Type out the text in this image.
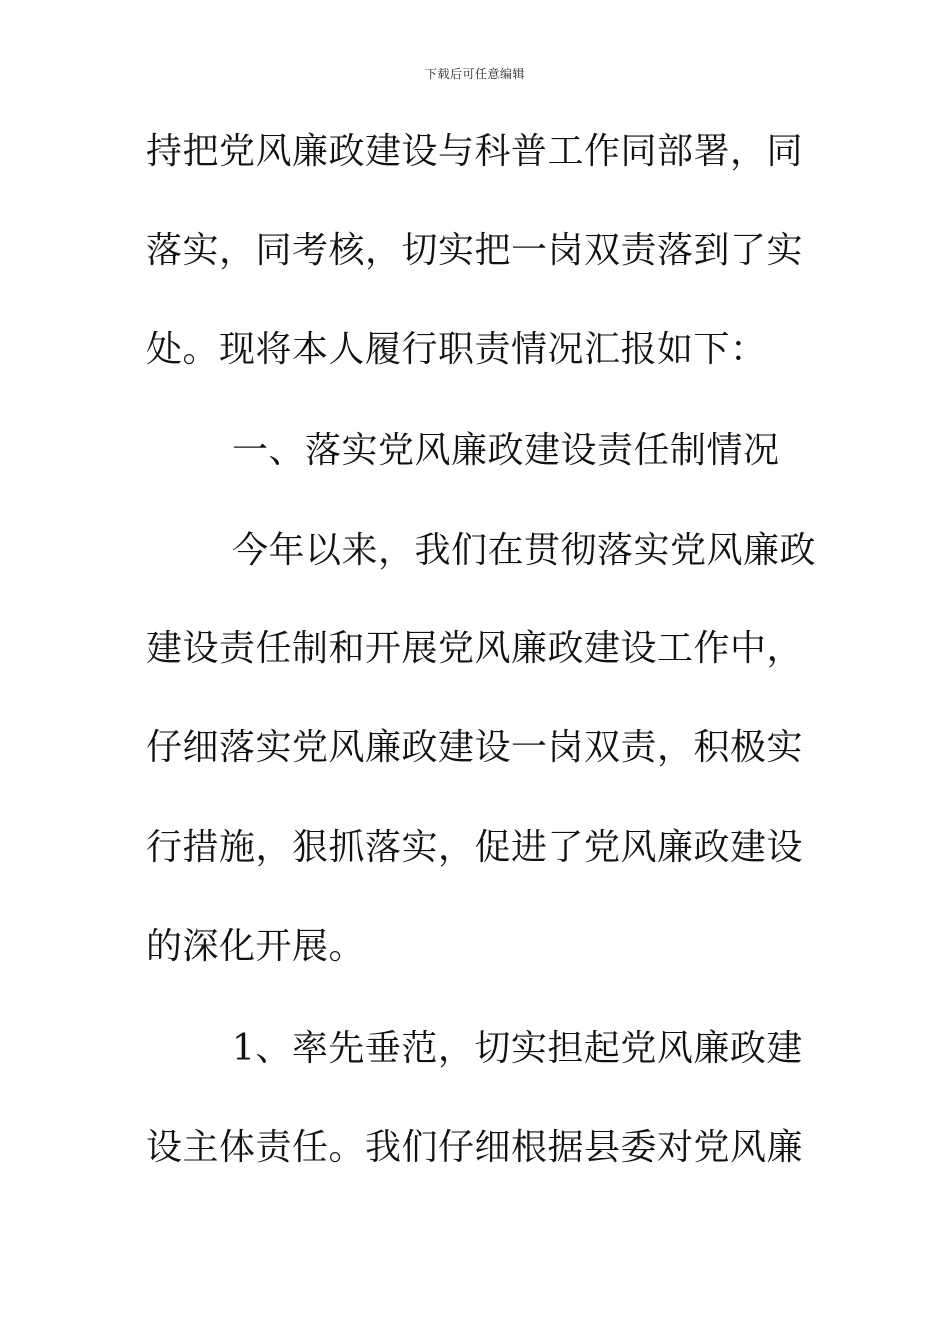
下载后可任意编辑
持把党风廉政建设与科普工作同部署，同
落实，同考核，切实把一岗双责落到了实
处。现将本人履行职责情况汇报如下：
一、落实党风廉政建设责任制情况
今年以来，我们在贯彻落实党风廉政
建设责任制和开展党风廉政建设工作中，
仔细落实党风廉政建设一岗双责，积极实
行措施，狠抓落实，促进了党风廉政建设
的深化开展。
1、率先垂范，切实担起党风廉政建
设主体责任。我们仔细根据县委对党风廉
